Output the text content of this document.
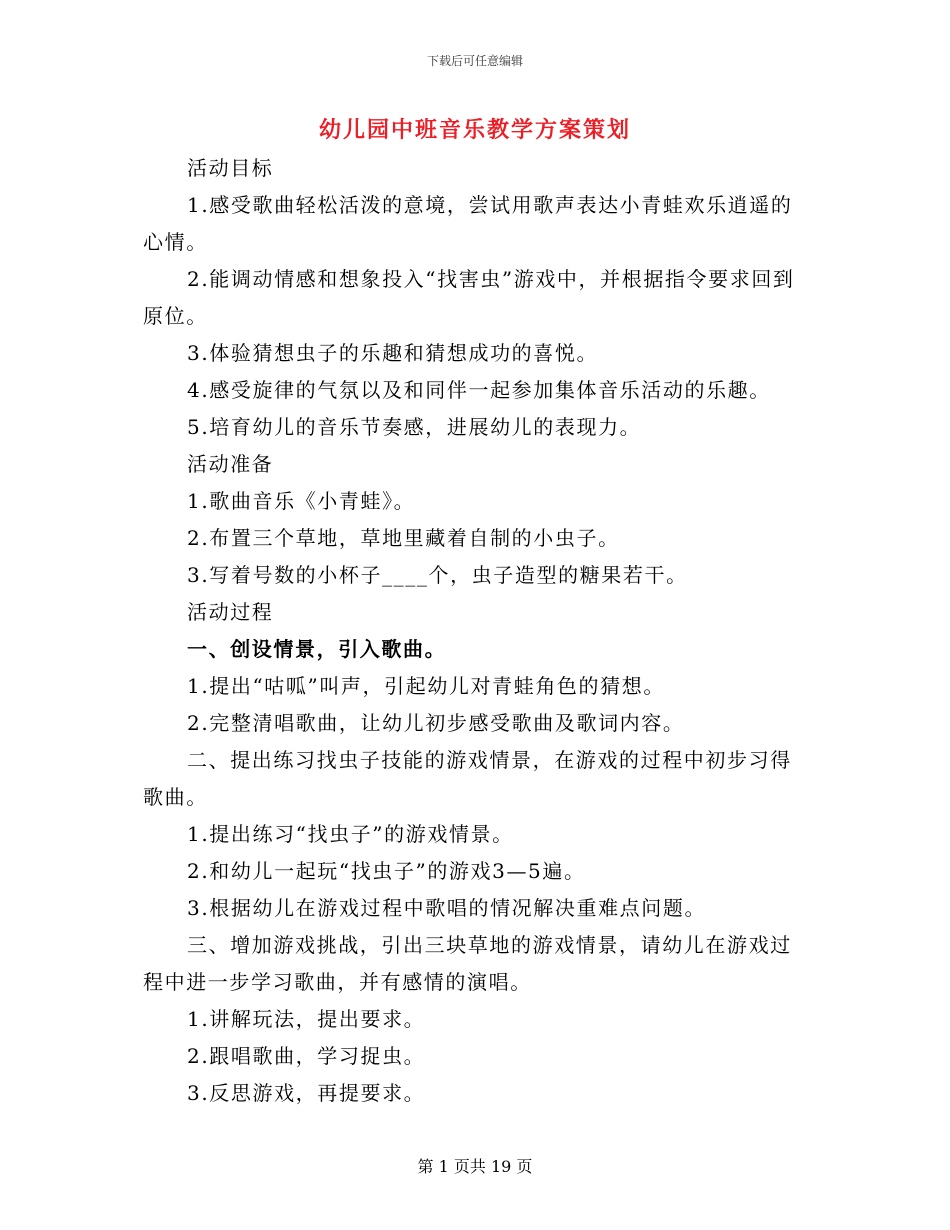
下载后可任意编辑
幼儿园中班音乐教学方案策划

活动目标

1.感受歌曲轻松活泼的意境，尝试用歌声表达小青蛙欢乐逍遥的心情。

2.能调动情感和想象投入“找害虫”游戏中，并根据指令要求回到原位。

3.体验猜想虫子的乐趣和猜想成功的喜悦。

4.感受旋律的气氛以及和同伴一起参加集体音乐活动的乐趣。

5.培育幼儿的音乐节奏感，进展幼儿的表现力。

活动准备

1.歌曲音乐《小青蛙》。

2.布置三个草地，草地里藏着自制的小虫子。

3.写着号数的小杯子____个，虫子造型的糖果若干。

活动过程

一、创设情景，引入歌曲。

1.提出“咕呱”叫声，引起幼儿对青蛙角色的猜想。

2.完整清唱歌曲，让幼儿初步感受歌曲及歌词内容。

二、提出练习找虫子技能的游戏情景，在游戏的过程中初步习得歌曲。

1.提出练习“找虫子”的游戏情景。

2.和幼儿一起玩“找虫子”的游戏3—5遍。

3.根据幼儿在游戏过程中歌唱的情况解决重难点问题。

三、增加游戏挑战，引出三块草地的游戏情景，请幼儿在游戏过程中进一步学习歌曲，并有感情的演唱。

1.讲解玩法，提出要求。

2.跟唱歌曲，学习捉虫。

3.反思游戏，再提要求。

第 1 页共 19 页
